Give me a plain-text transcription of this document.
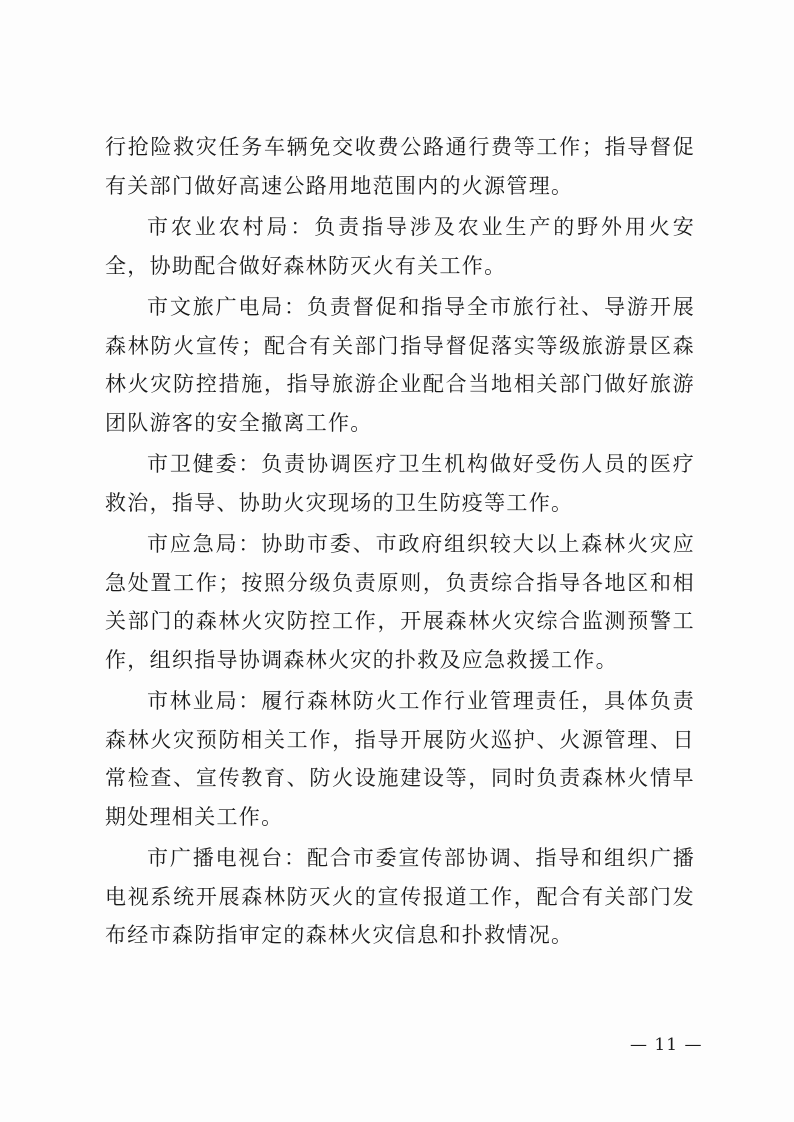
行抢险救灾任务车辆免交收费公路通行费等工作；指导督促有关部门做好高速公路用地范围内的火源管理。

市农业农村局：负责指导涉及农业生产的野外用火安全，协助配合做好森林防灭火有关工作。

市文旅广电局：负责督促和指导全市旅行社、导游开展森林防火宣传；配合有关部门指导督促落实等级旅游景区森林火灾防控措施，指导旅游企业配合当地相关部门做好旅游团队游客的安全撤离工作。

市卫健委：负责协调医疗卫生机构做好受伤人员的医疗救治，指导、协助火灾现场的卫生防疫等工作。

市应急局：协助市委、市政府组织较大以上森林火灾应急处置工作；按照分级负责原则，负责综合指导各地区和相关部门的森林火灾防控工作，开展森林火灾综合监测预警工作，组织指导协调森林火灾的扑救及应急救援工作。

市林业局：履行森林防火工作行业管理责任，具体负责森林火灾预防相关工作，指导开展防火巡护、火源管理、日常检查、宣传教育、防火设施建设等，同时负责森林火情早期处理相关工作。

市广播电视台：配合市委宣传部协调、指导和组织广播电视系统开展森林防灭火的宣传报道工作，配合有关部门发布经市森防指审定的森林火灾信息和扑救情况。

— 11 —
